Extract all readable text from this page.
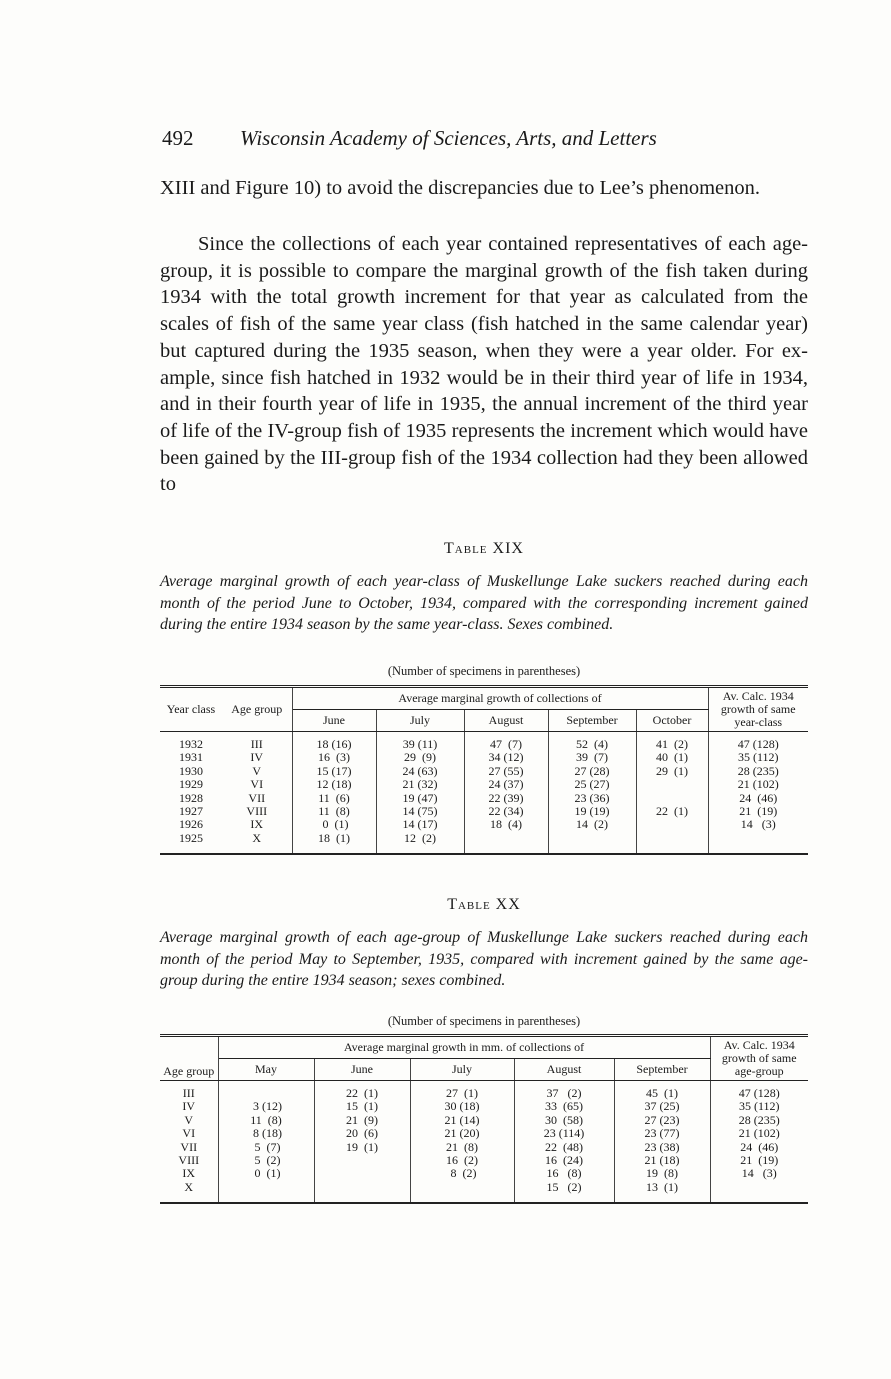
492 Wisconsin Academy of Sciences, Arts, and Letters

XIII and Figure 10) to avoid the discrepancies due to Lee’s phenomenon.

Since the collections of each year contained representatives of each age-group, it is possible to compare the marginal growth of the fish taken during 1934 with the total growth increment for that year as calculated from the scales of fish of the same year class (fish hatched in the same calendar year) but captured during the 1935 season, when they were a year older. For example, since fish hatched in 1932 would be in their third year of life in 1934, and in their fourth year of life in 1935, the annual increment of the third year of life of the IV-group fish of 1935 represents the increment which would have been gained by the III-group fish of the 1934 collection had they been allowed to

Table XIX

Average marginal growth of each year-class of Muskellunge Lake suckers reached during each month of the period June to October, 1934, compared with the corresponding increment gained during the entire 1934 season by the same year-class. Sexes combined.

(Number of specimens in parentheses)
Year class	Age group	Average marginal growth of collections of					Av. Calc. 1934 growth of same year-class
		June	July	August	September	October	
1932	III	18 (16)	39 (11)	47  (7)	52  (4)	41  (2)	47 (128)
1931	IV	16  (3)	29  (9)	34 (12)	39  (7)	40  (1)	35 (112)
1930	V	15 (17)	24 (63)	27 (55)	27 (28)	29  (1)	28 (235)
1929	VI	12 (18)	21 (32)	24 (37)	25 (27)		21 (102)
1928	VII	11  (6)	19 (47)	22 (39)	23 (36)		24  (46)
1927	VIII	11  (8)	14 (75)	22 (34)	19 (19)	22  (1)	21  (19)
1926	IX	0  (1)	14 (17)	18  (4)	14  (2)		14   (3)
1925	X	18  (1)	12  (2)				
Table XX

Average marginal growth of each age-group of Muskellunge Lake suckers reached during each month of the period May to September, 1935, compared with increment gained by the same age-group during the entire 1934 season; sexes combined.

(Number of specimens in parentheses)
Age group	Average marginal growth in mm. of collections of					Av. Calc. 1934 growth of same age-group
	May	June	July	August	September	
III		22  (1)	27  (1)	37   (2)	45  (1)	47 (128)
IV	3 (12)	15  (1)	30 (18)	33  (65)	37 (25)	35 (112)
V	11  (8)	21  (9)	21 (14)	30  (58)	27 (23)	28 (235)
VI	8 (18)	20  (6)	21 (20)	23 (114)	23 (77)	21 (102)
VII	5  (7)	19  (1)	21  (8)	22  (48)	23 (38)	24  (46)
VIII	5  (2)		16  (2)	16  (24)	21 (18)	21  (19)
IX	0  (1)		8  (2)	16   (8)	19  (8)	14   (3)
X				15   (2)	13  (1)	
